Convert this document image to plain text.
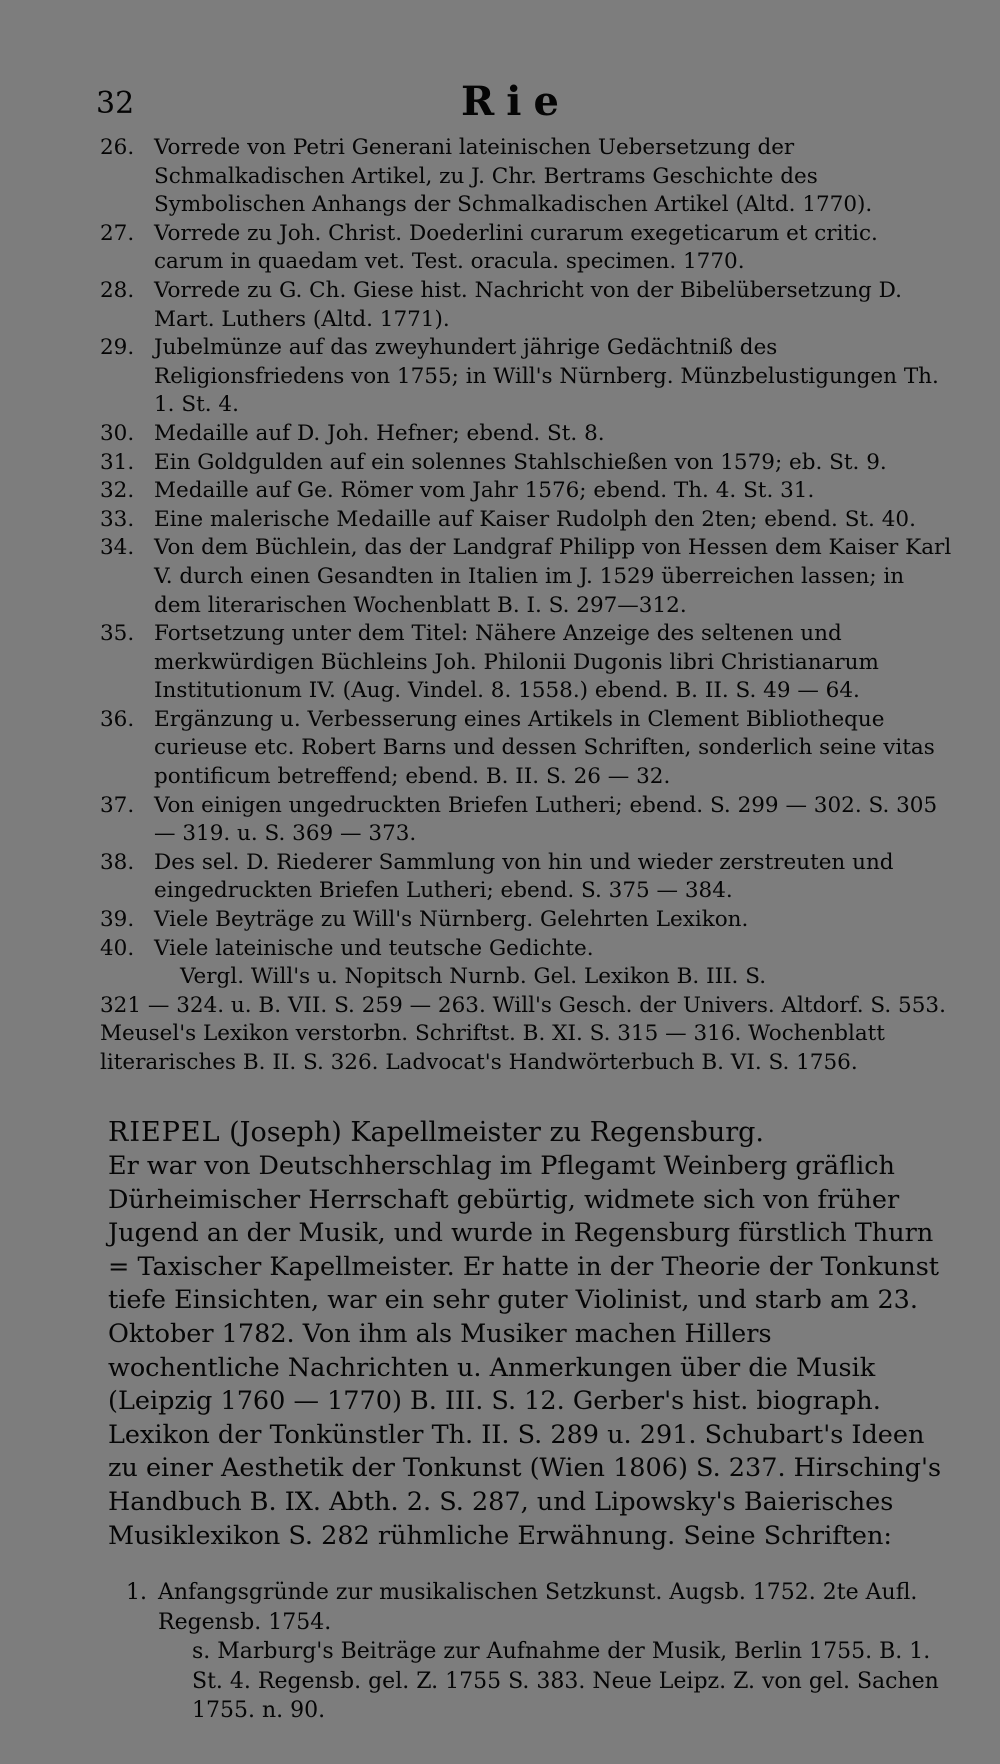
32	Rie
26. Vorrede von Petri Generani lateinischen Uebersetzung der Schmalkadischen Artikel, zu J. Chr. Bertrams Geschichte des Symbolischen Anhangs der Schmalkadischen Artikel (Altd. 1770).
27. Vorrede zu Joh. Christ. Doederlini curarum exegeticarum et critic. carum in quaedam vet. Test. oracula. specimen. 1770.
28. Vorrede zu G. Ch. Giese hist. Nachricht von der Bibelübersetzung D. Mart. Luthers (Altd. 1771).
29. Jubelmünze auf das zweyhundert jährige Gedächtniß des Religionsfriedens von 1755; in Will's Nürnberg. Münzbelustigungen Th. 1. St. 4.
30. Medaille auf D. Joh. Hefner; ebend. St. 8.
31. Ein Goldgulden auf ein solennes Stahlschießen von 1579; eb. St. 9.
32. Medaille auf Ge. Römer vom Jahr 1576; ebend. Th. 4. St. 31.
33. Eine malerische Medaille auf Kaiser Rudolph den 2ten; ebend. St. 40.
34. Von dem Büchlein, das der Landgraf Philipp von Hessen dem Kaiser Karl V. durch einen Gesandten in Italien im J. 1529 überreichen lassen; in dem literarischen Wochenblatt B. I. S. 297—312.
35. Fortsetzung unter dem Titel: Nähere Anzeige des seltenen und merkwürdigen Büchleins Joh. Philonii Dugonis libri Christianarum Institutionum IV. (Aug. Vindel. 8. 1558.) ebend. B. II. S. 49 — 64.
36. Ergänzung u. Verbesserung eines Artikels in Clement Bibliotheque curieuse etc. Robert Barns und dessen Schriften, sonderlich seine vitas pontificum betreffend; ebend. B. II. S. 26 — 32.
37. Von einigen ungedruckten Briefen Lutheri; ebend. S. 299 — 302. S. 305 — 319. u. S. 369 — 373.
38. Des sel. D. Riederer Sammlung von hin und wieder zerstreuten und eingedruckten Briefen Lutheri; ebend. S. 375 — 384.
39. Viele Beyträge zu Will's Nürnberg. Gelehrten Lexikon.
40. Viele lateinische und teutsche Gedichte.
Vergl. Will's u. Nopitsch Nurnb. Gel. Lexikon B. III. S.
321 — 324. u. B. VII. S. 259 — 263. Will's Gesch. der Univers. Altdorf. S. 553. Meusel's Lexikon verstorbn. Schriftst. B. XI. S. 315 — 316. Wochenblatt literarisches B. II. S. 326. Ladvocat's Handwörterbuch B. VI. S. 1756.
RIEPEL (Joseph) Kapellmeister zu Regensburg.
Er war von Deutschherschlag im Pflegamt Weinberg gräflich Dürheimischer Herrschaft gebürtig, widmete sich von früher Jugend an der Musik, und wurde in Regensburg fürstlich Thurn = Taxischer Kapellmeister. Er hatte in der Theorie der Tonkunst tiefe Einsichten, war ein sehr guter Violinist, und starb am 23. Oktober 1782. Von ihm als Musiker machen Hillers wochentliche Nachrichten u. Anmerkungen über die Musik (Leipzig 1760 — 1770) B. III. S. 12. Gerber's hist. biograph. Lexikon der Tonkünstler Th. II. S. 289 u. 291. Schubart's Ideen zu einer Aesthetik der Tonkunst (Wien 1806) S. 237. Hirsching's Handbuch B. IX. Abth. 2. S. 287, und Lipowsky's Baierisches Musiklexikon S. 282 rühmliche Erwähnung. Seine Schriften:
1. Anfangsgründe zur musikalischen Setzkunst. Augsb. 1752. 2te Aufl. Regensb. 1754.
s. Marburg's Beiträge zur Aufnahme der Musik, Berlin 1755. B. 1. St. 4. Regensb. gel. Z. 1755 S. 383. Neue Leipz. Z. von gel. Sachen 1755. n. 90.
